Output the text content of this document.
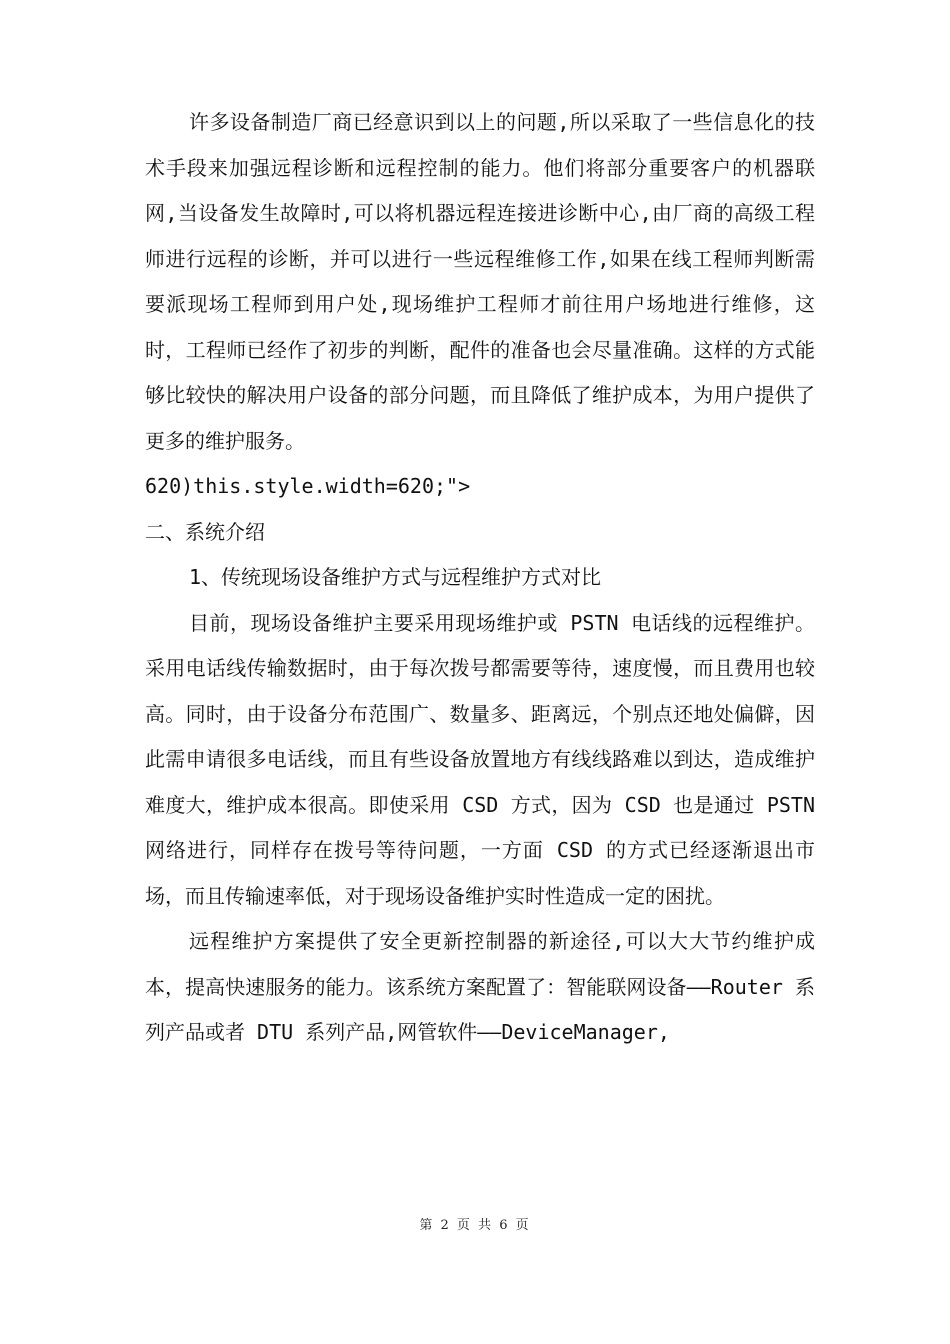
许多设备制造厂商已经意识到以上的问题,所以采取了一些信息化的技术手段来加强远程诊断和远程控制的能力。他们将部分重要客户的机器联网,当设备发生故障时,可以将机器远程连接进诊断中心,由厂商的高级工程师进行远程的诊断，并可以进行一些远程维修工作,如果在线工程师判断需要派现场工程师到用户处,现场维护工程师才前往用户场地进行维修，这时，工程师已经作了初步的判断，配件的准备也会尽量准确。这样的方式能够比较快的解决用户设备的部分问题，而且降低了维护成本，为用户提供了更多的维护服务。

620)this.style.width=620;">

二、系统介绍

1、传统现场设备维护方式与远程维护方式对比

目前，现场设备维护主要采用现场维护或 PSTN 电话线的远程维护。采用电话线传输数据时，由于每次拨号都需要等待，速度慢，而且费用也较高。同时，由于设备分布范围广、数量多、距离远，个别点还地处偏僻，因此需申请很多电话线，而且有些设备放置地方有线线路难以到达，造成维护难度大，维护成本很高。即使采用 CSD 方式，因为 CSD 也是通过 PSTN 网络进行，同样存在拨号等待问题，一方面 CSD 的方式已经逐渐退出市场，而且传输速率低，对于现场设备维护实时性造成一定的困扰。

远程维护方案提供了安全更新控制器的新途径,可以大大节约维护成本，提高快速服务的能力。该系统方案配置了：智能联网设备——Router 系列产品或者 DTU 系列产品,网管软件——DeviceManager,

第 2 页 共 6 页
